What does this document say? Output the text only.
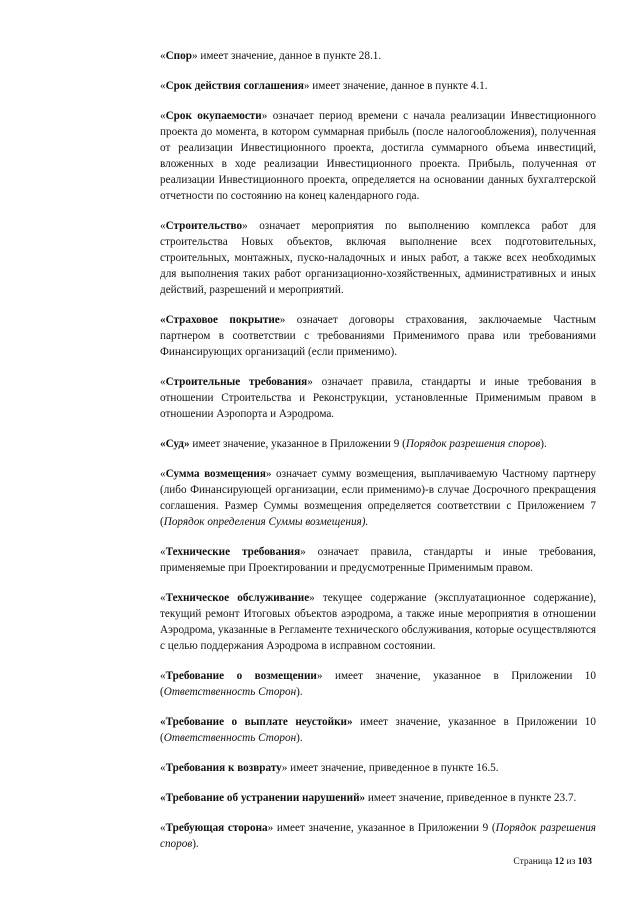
«Спор» имеет значение, данное в пункте 28.1.

«Срок действия соглашения» имеет значение, данное в пункте 4.1.

«Срок окупаемости» означает период времени с начала реализации Инвестиционного проекта до момента, в котором суммарная прибыль (после налогообложения), полученная от реализации Инвестиционного проекта, достигла суммарного объема инвестиций, вложенных в ходе реализации Инвестиционного проекта. Прибыль, полученная от реализации Инвестиционного проекта, определяется на основании данных бухгалтерской отчетности по состоянию на конец календарного года.

«Строительство» означает мероприятия по выполнению комплекса работ для строительства Новых объектов, включая выполнение всех подготовительных, строительных, монтажных, пуско-наладочных и иных работ, а также всех необходимых для выполнения таких работ организационно-хозяйственных, административных и иных действий, разрешений и мероприятий.

«Страховое покрытие» означает договоры страхования, заключаемые Частным партнером в соответствии с требованиями Применимого права или требованиями Финансирующих организаций (если применимо).

«Строительные требования» означает правила, стандарты и иные требования в отношении Строительства и Реконструкции, установленные Применимым правом в отношении Аэропорта и Аэродрома.

«Суд» имеет значение, указанное в Приложении 9 (Порядок разрешения споров).

«Сумма возмещения» означает сумму возмещения, выплачиваемую Частному партнеру (либо Финансирующей организации, если применимо)-в случае Досрочного прекращения соглашения. Размер Суммы возмещения определяется соответствии с Приложением 7 (Порядок определения Суммы возмещения).

«Технические требования» означает правила, стандарты и иные требования, применяемые при Проектировании и предусмотренные Применимым правом.

«Техническое обслуживание» текущее содержание (эксплуатационное содержание), текущий ремонт Итоговых объектов аэродрома, а также иные мероприятия в отношении Аэродрома, указанные в Регламенте технического обслуживания, которые осуществляются с целью поддержания Аэродрома в исправном состоянии.

«Требование о возмещении» имеет значение, указанное в Приложении 10 (Ответственность Сторон).

«Требование о выплате неустойки» имеет значение, указанное в Приложении 10 (Ответственность Сторон).

«Требования к возврату» имеет значение, приведенное в пункте 16.5.

«Требование об устранении нарушений» имеет значение, приведенное в пункте 23.7.

«Требующая сторона» имеет значение, указанное в Приложении 9 (Порядок разрешения споров).

Страница 12 из 103
